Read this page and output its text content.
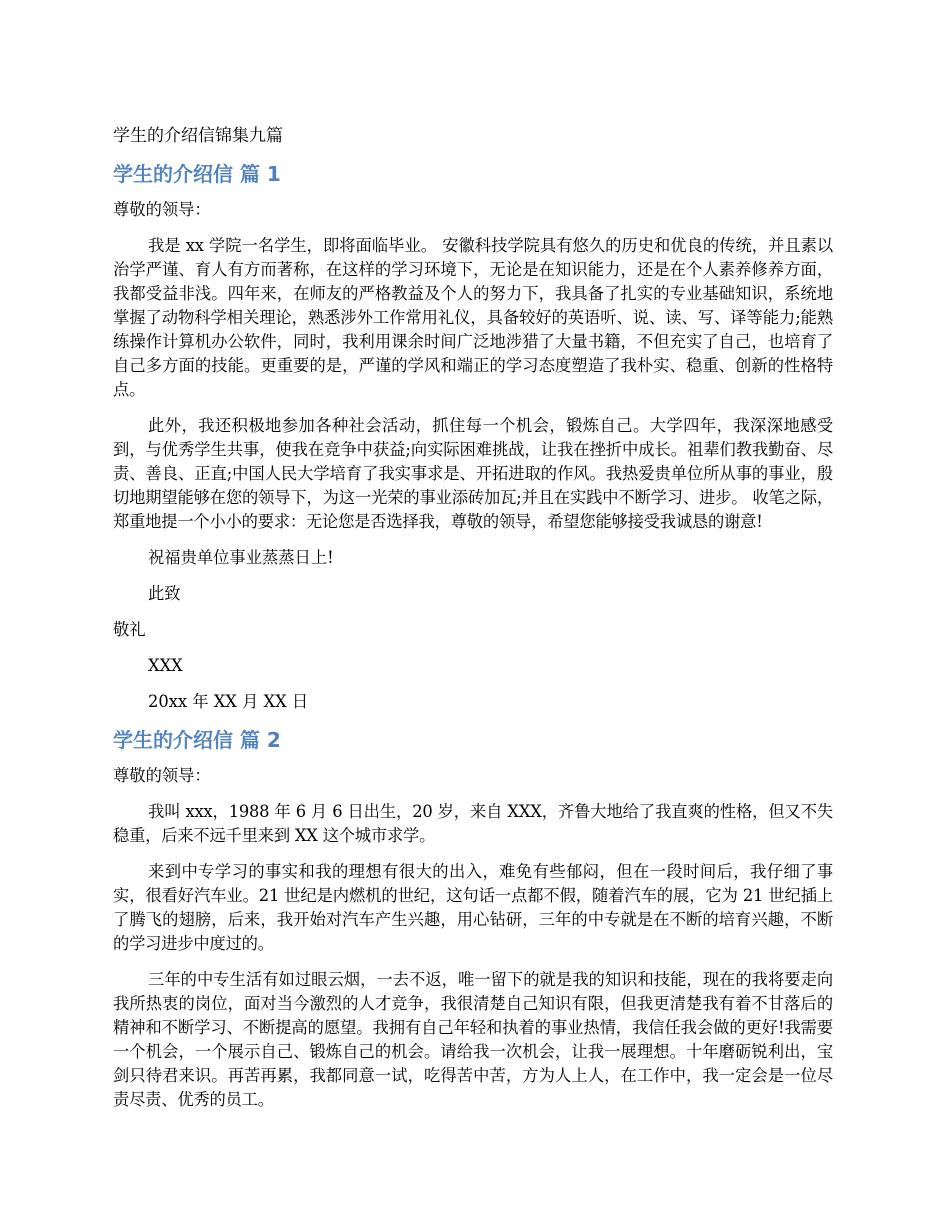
学生的介绍信锦集九篇
学生的介绍信 篇 1
尊敬的领导：
我是 xx 学院一名学生，即将面临毕业。 安徽科技学院具有悠久的历史和优良的传统，并且素以治学严谨、育人有方而著称，在这样的学习环境下，无论是在知识能力，还是在个人素养修养方面，我都受益非浅。四年来，在师友的严格教益及个人的努力下，我具备了扎实的专业基础知识，系统地掌握了动物科学相关理论，熟悉涉外工作常用礼仪，具备较好的英语听、说、读、写、译等能力;能熟练操作计算机办公软件，同时，我利用课余时间广泛地涉猎了大量书籍，不但充实了自己，也培育了自己多方面的技能。更重要的是，严谨的学风和端正的学习态度塑造了我朴实、稳重、创新的性格特点。
此外，我还积极地参加各种社会活动，抓住每一个机会，锻炼自己。大学四年，我深深地感受到，与优秀学生共事，使我在竞争中获益;向实际困难挑战，让我在挫折中成长。祖辈们教我勤奋、尽责、善良、正直;中国人民大学培育了我实事求是、开拓进取的作风。我热爱贵单位所从事的事业，殷切地期望能够在您的领导下，为这一光荣的事业添砖加瓦;并且在实践中不断学习、进步。 收笔之际，郑重地提一个小小的要求：无论您是否选择我，尊敬的领导，希望您能够接受我诚恳的谢意!
祝福贵单位事业蒸蒸日上!
此致
敬礼
XXX
20xx 年 XX 月 XX 日
学生的介绍信 篇 2
尊敬的领导：
我叫 xxx，1988 年 6 月 6 日出生，20 岁，来自 XXX，齐鲁大地给了我直爽的性格，但又不失稳重，后来不远千里来到 XX 这个城市求学。
来到中专学习的事实和我的理想有很大的出入，难免有些郁闷，但在一段时间后，我仔细了事实，很看好汽车业。21 世纪是内燃机的世纪，这句话一点都不假，随着汽车的展，它为 21 世纪插上了腾飞的翅膀，后来，我开始对汽车产生兴趣，用心钻研，三年的中专就是在不断的培育兴趣，不断的学习进步中度过的。
三年的中专生活有如过眼云烟，一去不返，唯一留下的就是我的知识和技能，现在的我将要走向我所热衷的岗位，面对当今激烈的人才竞争，我很清楚自己知识有限，但我更清楚我有着不甘落后的精神和不断学习、不断提高的愿望。我拥有自己年轻和执着的事业热情，我信任我会做的更好!我需要一个机会，一个展示自己、锻炼自己的机会。请给我一次机会，让我一展理想。十年磨砺锐利出，宝剑只待君来识。再苦再累，我都同意一试，吃得苦中苦，方为人上人，在工作中，我一定会是一位尽责尽责、优秀的员工。
